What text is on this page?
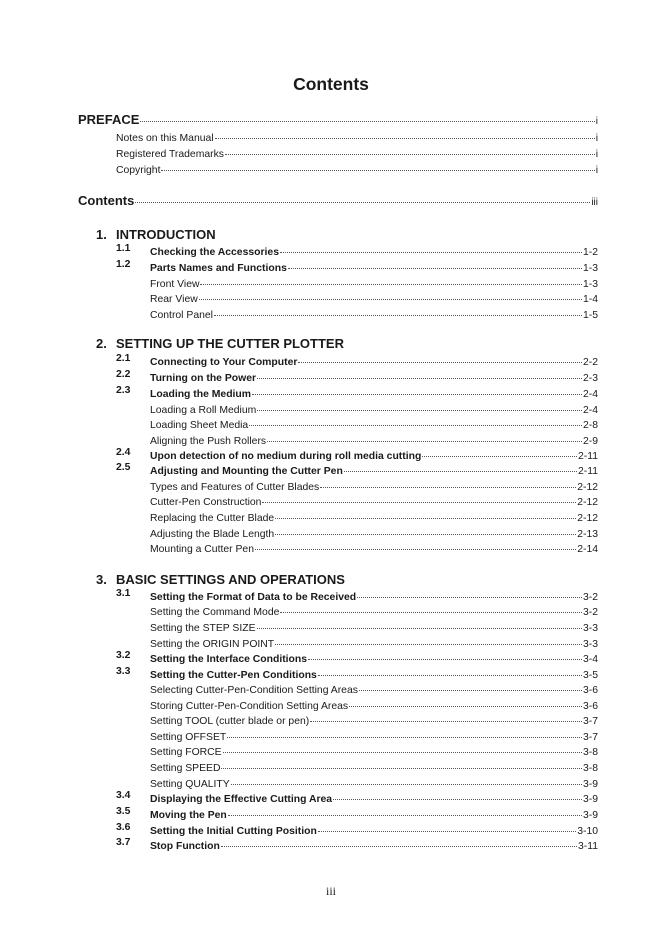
Contents
PREFACE	i
Notes on this Manual	i
Registered Trademarks	i
Copyright	i
Contents	iii
1. INTRODUCTION
1.1 Checking the Accessories	1-2
1.2 Parts Names and Functions	1-3
Front View	1-3
Rear View	1-4
Control Panel	1-5
2. SETTING UP THE CUTTER PLOTTER
2.1 Connecting to Your Computer	2-2
2.2 Turning on the Power	2-3
2.3 Loading the Medium	2-4
Loading a Roll Medium	2-4
Loading Sheet Media	2-8
Aligning the Push Rollers	2-9
2.4 Upon detection of no medium during roll media cutting	2-11
2.5 Adjusting and Mounting the Cutter Pen	2-11
Types and Features of Cutter Blades	2-12
Cutter-Pen Construction	2-12
Replacing the Cutter Blade	2-12
Adjusting the Blade Length	2-13
Mounting a Cutter Pen	2-14
3. BASIC SETTINGS AND OPERATIONS
3.1 Setting the Format of Data to be Received	3-2
Setting the Command Mode	3-2
Setting the STEP SIZE	3-3
Setting the ORIGIN POINT	3-3
3.2 Setting the Interface Conditions	3-4
3.3 Setting the Cutter-Pen Conditions	3-5
Selecting Cutter-Pen-Condition Setting Areas	3-6
Storing Cutter-Pen-Condition Setting Areas	3-6
Setting TOOL (cutter blade or pen)	3-7
Setting OFFSET	3-7
Setting FORCE	3-8
Setting SPEED	3-8
Setting QUALITY	3-9
3.4 Displaying the Effective Cutting Area	3-9
3.5 Moving the Pen	3-9
3.6 Setting the Initial Cutting Position	3-10
3.7 Stop Function	3-11
iii
